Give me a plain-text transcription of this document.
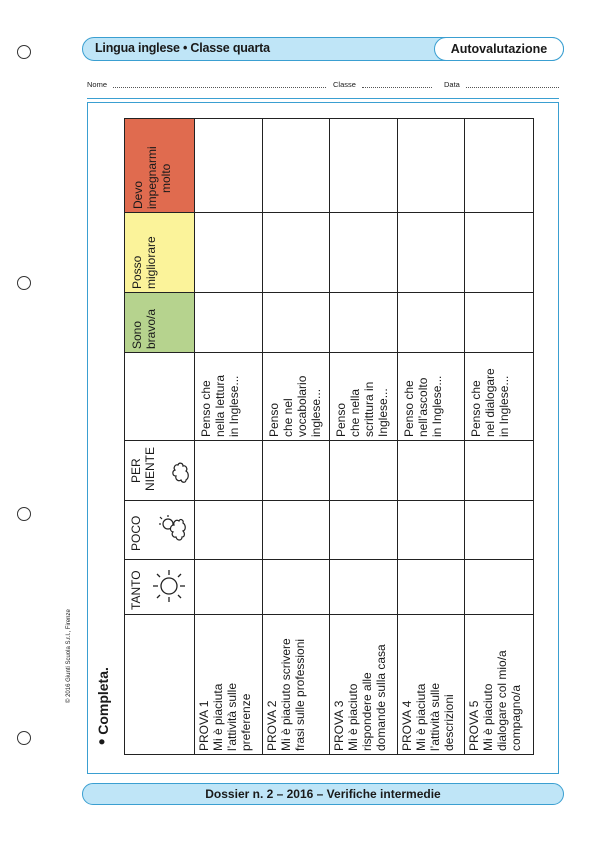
Lingua inglese • Classe quarta	Autovalutazione
Nome	Classe	Data
© 2016 Giunti Scuola S.r.l., Firenze
• Completa.
Devo impegnarmi molto					

Posso migliorare					

Sono bravo/a					

	Penso che nella lettura in Inglese...	Penso che nel vocabolario inglese...	Penso che nella scrittura in Inglese...	Penso che nell’ascolto in Inglese...	Penso che nel dialogare in Inglese...

PER NIENTE					

POCO					

TANTO					

	PROVA 1 Mi è piaciuta l’attività sulle preferenze	PROVA 2 Mi è piaciuto scrivere frasi sulle professioni	PROVA 3 Mi è piaciuto rispondere alle domande sulla casa	PROVA 4 Mi è piaciuta l’attività sulle descrizioni	PROVA 5 Mi è piaciuto dialogare col mio/a compagno/a
Dossier n. 2 – 2016 – Verifiche intermedie
